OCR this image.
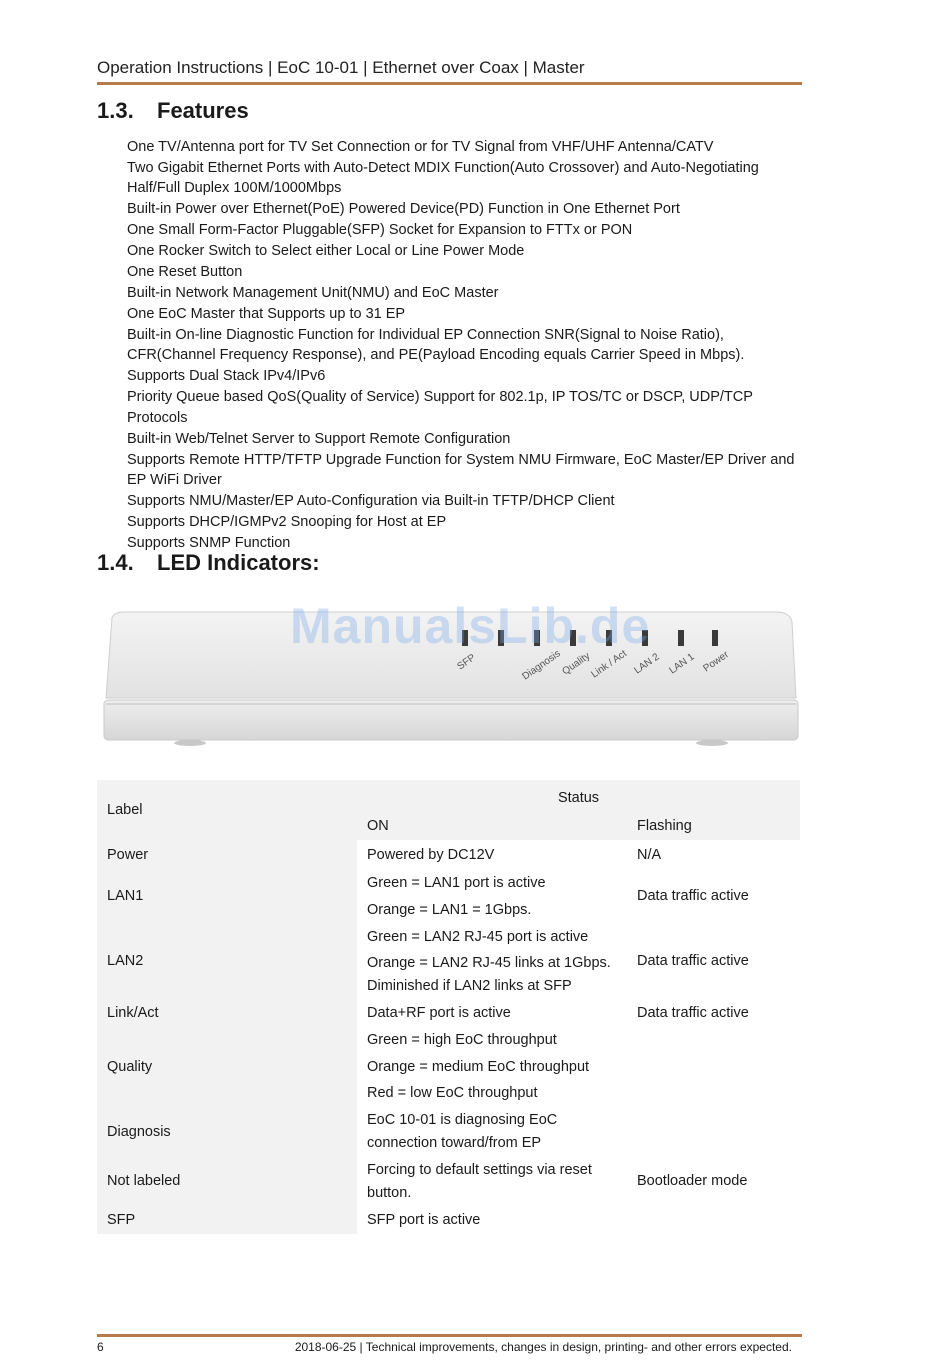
Operation Instructions | EoC 10-01 | Ethernet over Coax | Master
1.3. Features
One TV/Antenna port for TV Set Connection or for TV Signal from VHF/UHF Antenna/CATV
Two Gigabit Ethernet Ports with Auto-Detect MDIX Function(Auto Crossover) and Auto-Negotiating Half/Full Duplex 100M/1000Mbps
Built-in Power over Ethernet(PoE) Powered Device(PD) Function in One Ethernet Port
One Small Form-Factor Pluggable(SFP) Socket for Expansion to FTTx or PON
One Rocker Switch to Select either Local or Line Power Mode
One Reset Button
Built-in Network Management Unit(NMU) and EoC Master
One EoC Master that Supports up to 31 EP
Built-in On-line Diagnostic Function for Individual EP Connection SNR(Signal to Noise Ratio), CFR(Channel Frequency Response), and PE(Payload Encoding equals Carrier Speed in Mbps).
Supports Dual Stack IPv4/IPv6
Priority Queue based QoS(Quality of Service) Support for 802.1p, IP TOS/TC or DSCP, UDP/TCP Protocols
Built-in Web/Telnet Server to Support Remote Configuration
Supports Remote HTTP/TFTP Upgrade Function for System NMU Firmware, EoC Master/EP Driver and EP WiFi Driver
Supports NMU/Master/EP Auto-Configuration via Built-in TFTP/DHCP Client
Supports DHCP/IGMPv2 Snooping for Host at EP
Supports SNMP Function
1.4. LED Indicators:
SFP	Diagnosis
Quality
Link / Act LAN 2 LAN 1 Power
ManualsLib.de
Label	Status	
	ON	Flashing
Power	Powered by DC12V	N/A
LAN1	Green = LAN1 port is active
Orange = LAN1 = 1Gbps.	Data traffic active
LAN2	Green = LAN2 RJ-45 port is active
Orange = LAN2 RJ-45 links at 1Gbps. Diminished if LAN2 links at SFP	Data traffic active
Link/Act	Data+RF port is active	Data traffic active
Quality	Green = high EoC throughput
Orange = medium EoC throughput
Red = low EoC throughput	

Diagnosis	EoC 10-01 is diagnosing EoC connection toward/from EP	

Not labeled	Forcing to default settings via reset button.	Bootloader mode
SFP	SFP port is active	

6	2018-06-25 | Technical improvements, changes in design, printing- and other errors expected.
